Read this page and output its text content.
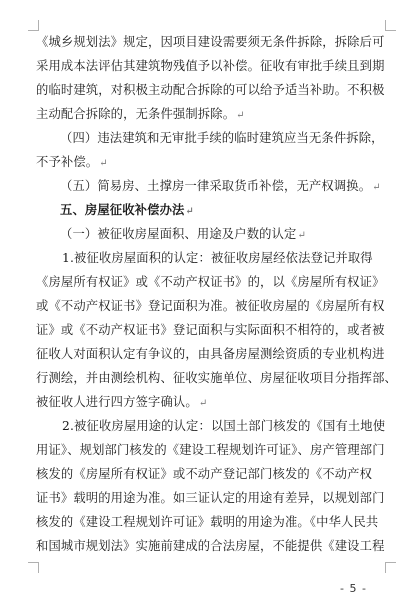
《城乡规划法》规定，因项目建设需要须无条件拆除，拆除后可
采用成本法评估其建筑物残值予以补偿。征收有审批手续且到期
的临时建筑，对积极主动配合拆除的可以给予适当补助。不积极
主动配合拆除的，无条件强制拆除。↵
（四）违法建筑和无审批手续的临时建筑应当无条件拆除，
不予补偿。↵
（五）简易房、土撑房一律采取货币补偿，无产权调换。↵
五、房屋征收补偿办法↵
（一）被征收房屋面积、用途及户数的认定↵
1.被征收房屋面积的认定：被征收房屋经依法登记并取得
《房屋所有权证》或《不动产权证书》的，以《房屋所有权证》
或《不动产权证书》登记面积为准。被征收房屋的《房屋所有权
证》或《不动产权证书》登记面积与实际面积不相符的，或者被
征收人对面积认定有争议的，由具备房屋测绘资质的专业机构进
行测绘，并由测绘机构、征收实施单位、房屋征收项目分指挥部、
被征收人进行四方签字确认。↵
2.被征收房屋用途的认定：以国土部门核发的《国有土地使
用证》、规划部门核发的《建设工程规划许可证》、房产管理部门
核发的《房屋所有权证》或不动产登记部门核发的《不动产权
证书》载明的用途为准。如三证认定的用途有差异，以规划部门
核发的《建设工程规划许可证》载明的用途为准。《中华人民共
和国城市规划法》实施前建成的合法房屋，不能提供《建设工程
- 5 -
